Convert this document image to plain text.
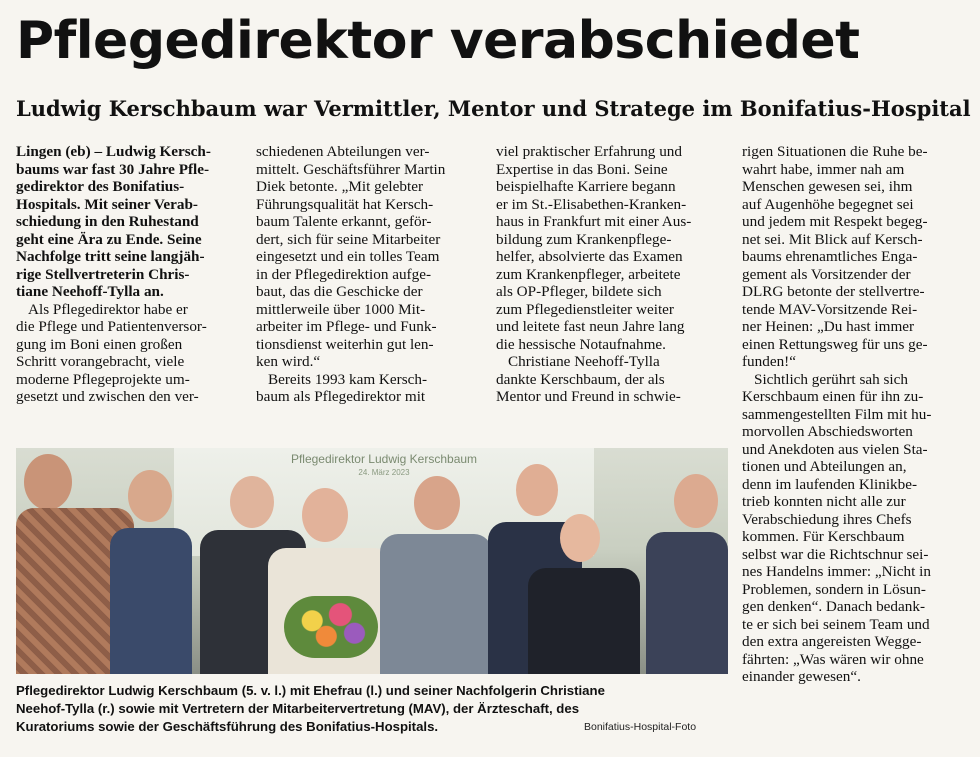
Pflegedirektor verabschiedet
Ludwig Kerschbaum war Vermittler, Mentor und Stratege im Bonifatius-Hospital

Lingen (eb) – Ludwig Kersch-
baums war fast 30 Jahre Pfle-
gedirektor des Bonifatius-
Hospitals. Mit seiner Verab-
schiedung in den Ruhestand
geht eine Ära zu Ende. Seine
Nachfolge tritt seine langjäh-
rige Stellvertreterin Chris-
tiane Neehoff-Tylla an.

Als Pflegedirektor habe er
die Pflege und Patientenversor-
gung im Boni einen großen
Schritt vorangebracht, viele
moderne Pflegeprojekte um-
gesetzt und zwischen den ver-

schiedenen Abteilungen ver-
mittelt. Geschäftsführer Martin
Diek betonte. „Mit gelebter
Führungsqualität hat Kersch-
baum Talente erkannt, geför-
dert, sich für seine Mitarbeiter
eingesetzt und ein tolles Team
in der Pflegedirektion aufge-
baut, das die Geschicke der
mittlerweile über 1000 Mit-
arbeiter im Pflege- und Funk-
tionsdienst weiterhin gut len-
ken wird.“

Bereits 1993 kam Kersch-
baum als Pflegedirektor mit

viel praktischer Erfahrung und
Expertise in das Boni. Seine
beispielhafte Karriere begann
er im St.-Elisabethen-Kranken-
haus in Frankfurt mit einer Aus-
bildung zum Krankenpflege-
helfer, absolvierte das Examen
zum Krankenpfleger, arbeitete
als OP-Pfleger, bildete sich
zum Pflegedienstleiter weiter
und leitete fast neun Jahre lang
die hessische Notaufnahme.

Christiane Neehoff-Tylla
dankte Kerschbaum, der als
Mentor und Freund in schwie-

rigen Situationen die Ruhe be-
wahrt habe, immer nah am
Menschen gewesen sei, ihm
auf Augenhöhe begegnet sei
und jedem mit Respekt begeg-
net sei. Mit Blick auf Kersch-
baums ehrenamtliches Enga-
gement als Vorsitzender der
DLRG betonte der stellvertre-
tende MAV-Vorsitzende Rei-
ner Heinen: „Du hast immer
einen Rettungsweg für uns ge-
funden!“

Sichtlich gerührt sah sich
Kerschbaum einen für ihn zu-
sammengestellten Film mit hu-
morvollen Abschiedsworten
und Anekdoten aus vielen Sta-
tionen und Abteilungen an,
denn im laufenden Klinikbe-
trieb konnten nicht alle zur
Verabschiedung ihres Chefs
kommen. Für Kerschbaum
selbst war die Richtschnur sei-
nes Handelns immer: „Nicht in
Problemen, sondern in Lösun-
gen denken“. Danach bedank-
te er sich bei seinem Team und
den extra angereisten Wegge-
fährten: „Was wären wir ohne
einander gewesen“.

Pflegedirektor Ludwig Kerschbaum
24. März 2023

Pflegedirektor Ludwig Kerschbaum (5. v. l.) mit Ehefrau (l.) und seiner Nachfolgerin Christiane
Neehof-Tylla (r.) sowie mit Vertretern der Mitarbeitervertretung (MAV), der Ärzteschaft, des
Kuratoriums sowie der Geschäftsführung des Bonifatius-Hospitals.	Bonifatius-Hospital-Foto
